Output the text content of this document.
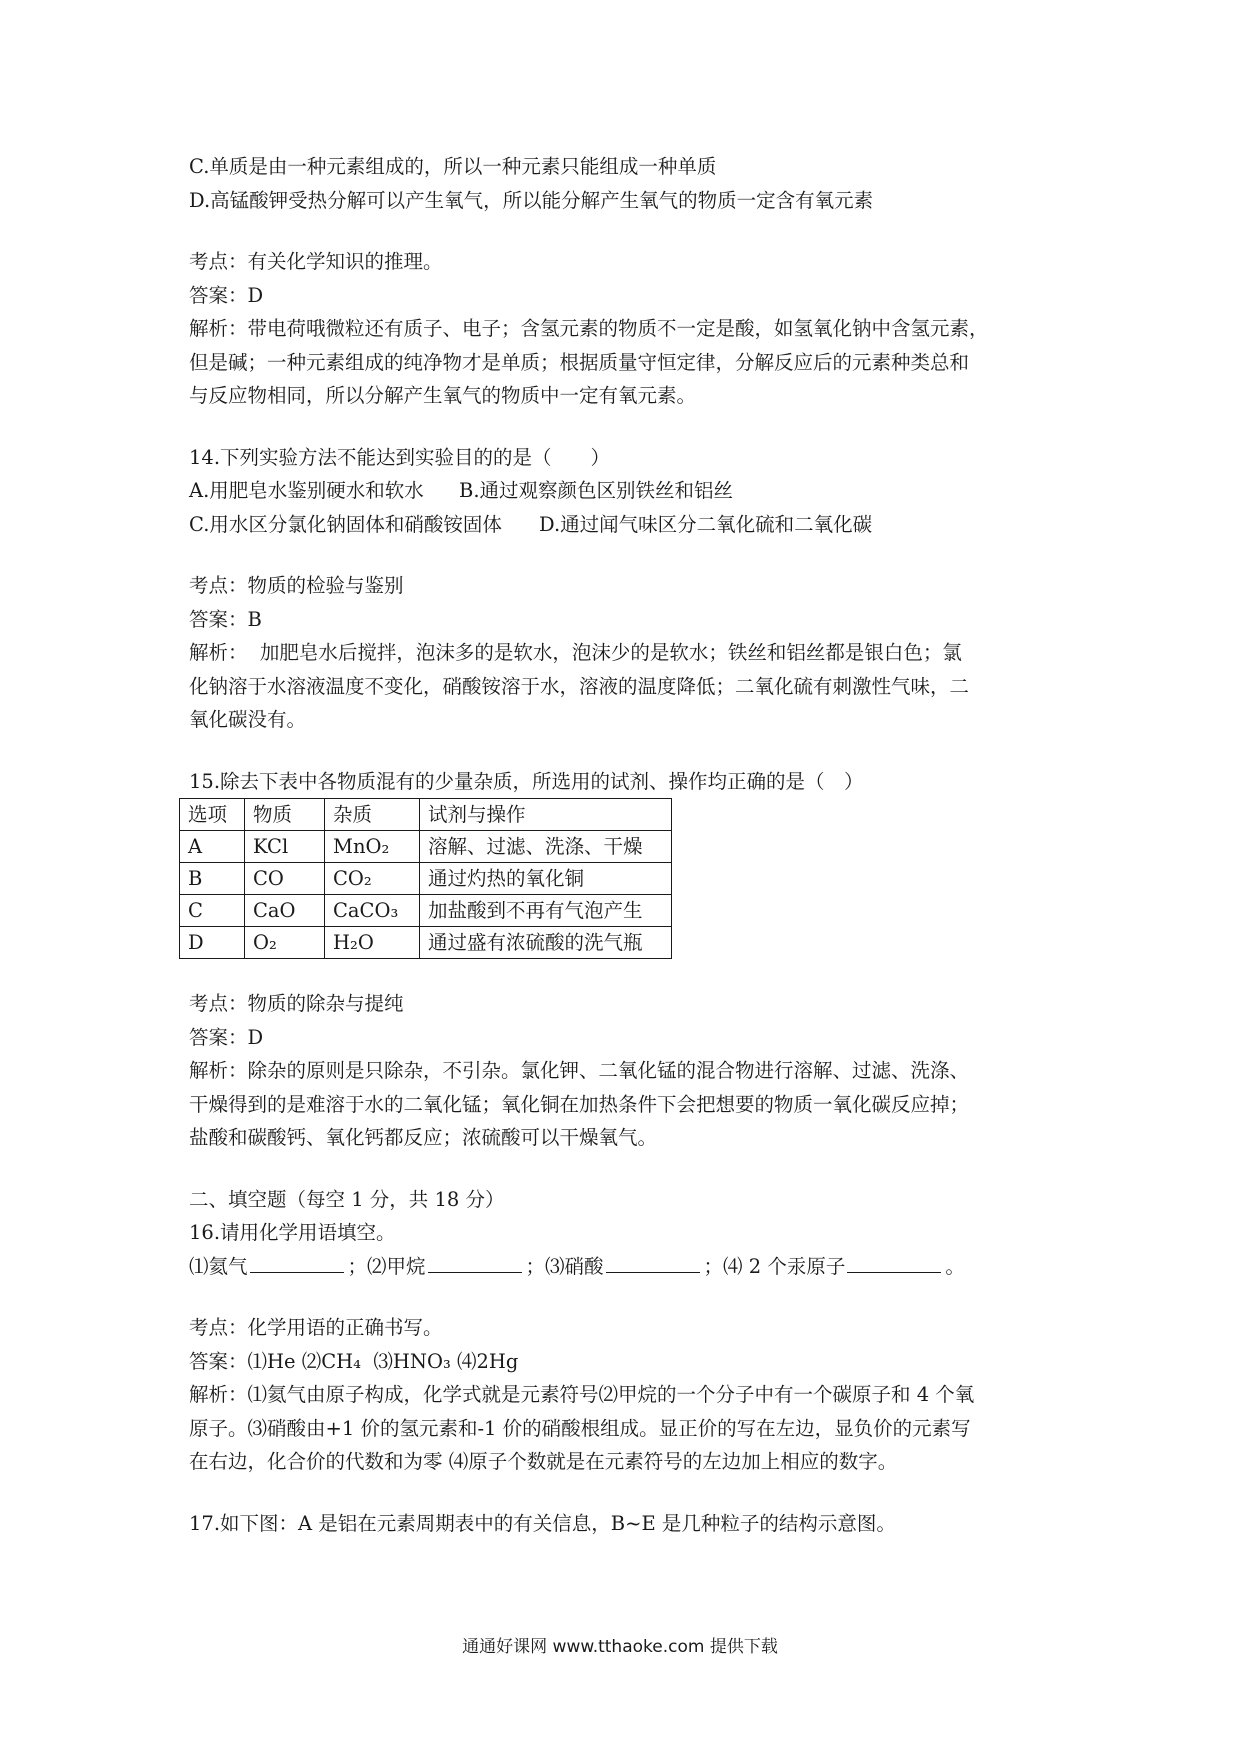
C.单质是由一种元素组成的，所以一种元素只能组成一种单质

D.高锰酸钾受热分解可以产生氧气，所以能分解产生氧气的物质一定含有氧元素

考点：有关化学知识的推理。

答案：D

解析：带电荷哦微粒还有质子、电子；含氢元素的物质不一定是酸，如氢氧化钠中含氢元素，

但是碱；一种元素组成的纯净物才是单质；根据质量守恒定律，分解反应后的元素种类总和

与反应物相同，所以分解产生氧气的物质中一定有氧元素。

14.下列实验方法不能达到实验目的的是（　　）

A.用肥皂水鉴别硬水和软水	B.通过观察颜色区别铁丝和铝丝

C.用水区分氯化钠固体和硝酸铵固体	D.通过闻气味区分二氧化硫和二氧化碳

考点：物质的检验与鉴别

答案：B

解析：  加肥皂水后搅拌，泡沫多的是软水，泡沫少的是软水；铁丝和铝丝都是银白色；氯

化钠溶于水溶液温度不变化，硝酸铵溶于水，溶液的温度降低；二氧化硫有刺激性气味，二

氧化碳没有。

15.除去下表中各物质混有的少量杂质，所选用的试剂、操作均正确的是（　）

选项	物质	杂质	试剂与操作
A	KCl	MnO₂	溶解、过滤、洗涤、干燥
B	CO	CO₂	通过灼热的氧化铜
C	CaO	CaCO₃	加盐酸到不再有气泡产生
D	O₂	H₂O	通过盛有浓硫酸的洗气瓶

考点：物质的除杂与提纯

答案：D

解析：除杂的原则是只除杂，不引杂。氯化钾、二氧化锰的混合物进行溶解、过滤、洗涤、

干燥得到的是难溶于水的二氧化锰；氧化铜在加热条件下会把想要的物质一氧化碳反应掉；

盐酸和碳酸钙、氧化钙都反应；浓硫酸可以干燥氧气。

二、填空题（每空 1 分，共 18 分）

16.请用化学用语填空。

⑴氦气	；⑵甲烷	；⑶硝酸	；⑷ 2 个汞原子	。

考点：化学用语的正确书写。

答案：⑴He ⑵CH₄  ⑶HNO₃ ⑷2Hg

解析：⑴氦气由原子构成，化学式就是元素符号⑵甲烷的一个分子中有一个碳原子和 4 个氧

原子。⑶硝酸由+1 价的氢元素和-1 价的硝酸根组成。显正价的写在左边，显负价的元素写

在右边，化合价的代数和为零 ⑷原子个数就是在元素符号的左边加上相应的数字。

17.如下图：A 是铝在元素周期表中的有关信息，B~E 是几种粒子的结构示意图。

通通好课网 www.tthaoke.com 提供下载
